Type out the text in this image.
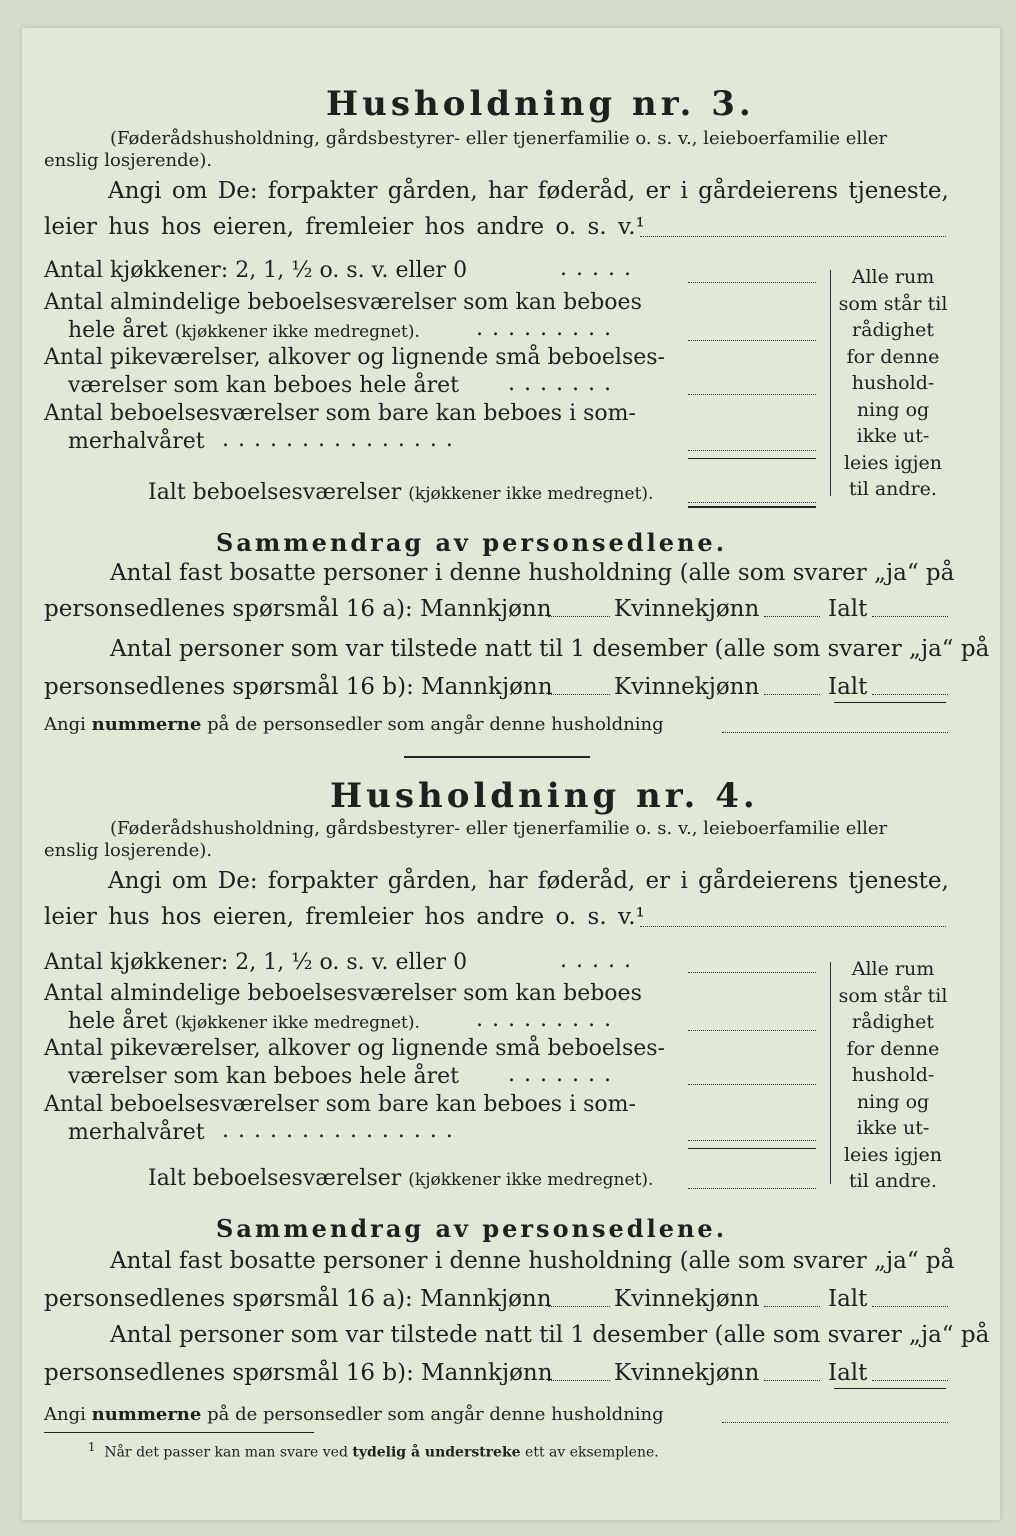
Husholdning nr. 3.
(Føderådshusholdning, gårdsbestyrer- eller tjenerfamilie o. s. v., leieboerfamilie eller
enslig losjerende).
Angi om De: forpakter gården, har føderåd, er i gårdeierens tjeneste,
leier hus hos eieren, fremleier hos andre o. s. v.¹
Antal kjøkkener: 2, 1, ½ o. s. v. eller 0	.....
Antal almindelige beboelsesværelser som kan beboes
hele året (kjøkkener ikke medregnet).	.........
Antal pikeværelser, alkover og lignende små beboelses-
værelser som kan beboes hele året .......
Antal beboelsesværelser som bare kan beboes i som-
merhalvåret ...............
Ialt beboelsesværelser (kjøkkener ikke medregnet).
Alle rum som står til rådighet for denne hushold-ning og ikke ut-leies igjen til andre.
Sammendrag av personsedlene.
Antal fast bosatte personer i denne husholdning (alle som svarer „ja“ på
personsedlenes spørsmål 16 a): Mannkjønn	Kvinnekjønn	Ialt
Antal personer som var tilstede natt til 1 desember (alle som svarer „ja“ på
personsedlenes spørsmål 16 b): Mannkjønn	Kvinnekjønn	Ialt
Angi nummerne på de personsedler som angår denne husholdning
Husholdning nr. 4.
(Føderådshusholdning, gårdsbestyrer- eller tjenerfamilie o. s. v., leieboerfamilie eller
enslig losjerende).
Angi om De: forpakter gården, har føderåd, er i gårdeierens tjeneste,
leier hus hos eieren, fremleier hos andre o. s. v.¹
Antal kjøkkener: 2, 1, ½ o. s. v. eller 0	.....
Antal almindelige beboelsesværelser som kan beboes
hele året (kjøkkener ikke medregnet).	.........
Antal pikeværelser, alkover og lignende små beboelses-
værelser som kan beboes hele året .......
Antal beboelsesværelser som bare kan beboes i som-
merhalvåret ...............
Ialt beboelsesværelser (kjøkkener ikke medregnet).
Alle rum som står til rådighet for denne hushold-ning og ikke ut-leies igjen til andre.
Sammendrag av personsedlene.
Antal fast bosatte personer i denne husholdning (alle som svarer „ja“ på
personsedlenes spørsmål 16 a): Mannkjønn	Kvinnekjønn	Ialt
Antal personer som var tilstede natt til 1 desember (alle som svarer „ja“ på
personsedlenes spørsmål 16 b): Mannkjønn	Kvinnekjønn	Ialt
Angi nummerne på de personsedler som angår denne husholdning
$^1$ Når det passer kan man svare ved tydelig å understreke ett av eksemplene.
